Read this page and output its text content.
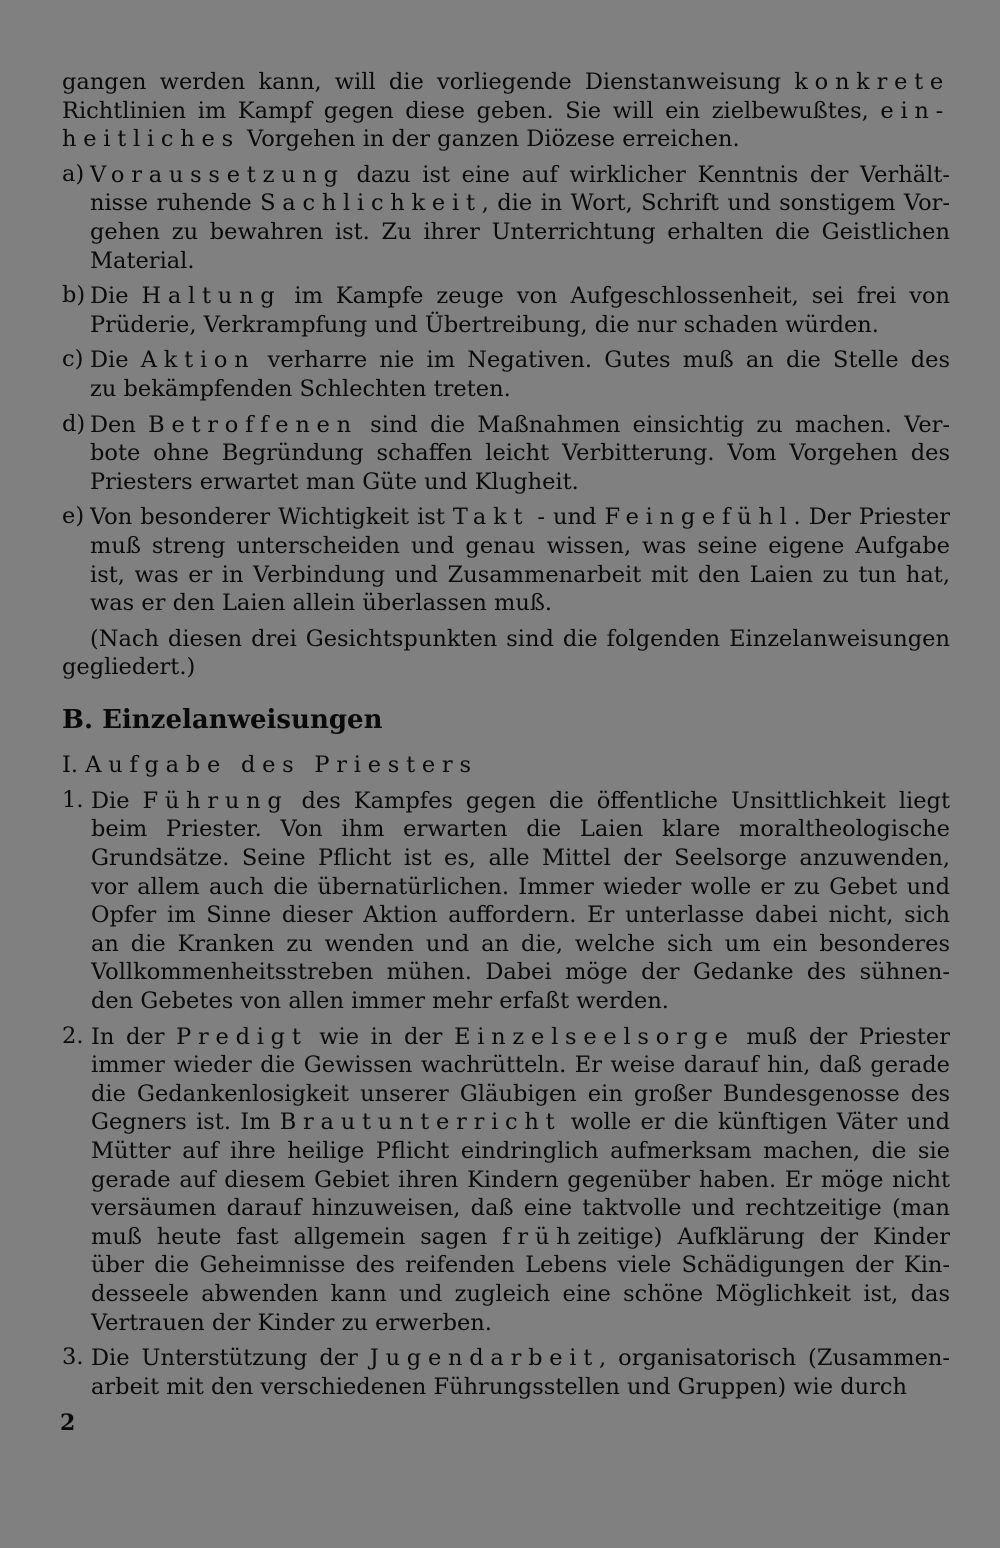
gangen werden kann, will die vorliegende Dienstanweisung konkrete
Richtlinien im Kampf gegen diese geben. Sie will ein zielbewußtes, ein-
heitliches Vorgehen in der ganzen Diözese erreichen.
a) Voraussetzung dazu ist eine auf wirklicher Kenntnis der Verhält-
nisse ruhende Sachlichkeit, die in Wort, Schrift und sonstigem Vor-
gehen zu bewahren ist. Zu ihrer Unterrichtung erhalten die Geistlichen
Material.
b) Die Haltung im Kampfe zeuge von Aufgeschlossenheit, sei frei von
Prüderie, Verkrampfung und Übertreibung, die nur schaden würden.
c) Die Aktion verharre nie im Negativen. Gutes muß an die Stelle des
zu bekämpfenden Schlechten treten.
d) Den Betroffenen sind die Maßnahmen einsichtig zu machen. Ver-
bote ohne Begründung schaffen leicht Verbitterung. Vom Vorgehen des
Priesters erwartet man Güte und Klugheit.
e) Von besonderer Wichtigkeit ist Takt - und Feingefühl. Der Priester
muß streng unterscheiden und genau wissen, was seine eigene Aufgabe
ist, was er in Verbindung und Zusammenarbeit mit den Laien zu tun hat,
was er den Laien allein überlassen muß.
(Nach diesen drei Gesichtspunkten sind die folgenden Einzelanweisungen
gegliedert.)
B. Einzelanweisungen
I. Aufgabe des Priesters
1. Die Führung des Kampfes gegen die öffentliche Unsittlichkeit liegt
beim Priester. Von ihm erwarten die Laien klare moraltheologische
Grundsätze. Seine Pflicht ist es, alle Mittel der Seelsorge anzuwenden,
vor allem auch die übernatürlichen. Immer wieder wolle er zu Gebet und
Opfer im Sinne dieser Aktion auffordern. Er unterlasse dabei nicht, sich
an die Kranken zu wenden und an die, welche sich um ein besonderes
Vollkommenheitsstreben mühen. Dabei möge der Gedanke des sühnen-
den Gebetes von allen immer mehr erfaßt werden.
2. In der Predigt wie in der Einzelseelsorge muß der Priester
immer wieder die Gewissen wachrütteln. Er weise darauf hin, daß gerade
die Gedankenlosigkeit unserer Gläubigen ein großer Bundesgenosse des
Gegners ist. Im Brautunterricht wolle er die künftigen Väter und
Mütter auf ihre heilige Pflicht eindringlich aufmerksam machen, die sie
gerade auf diesem Gebiet ihren Kindern gegenüber haben. Er möge nicht
versäumen darauf hinzuweisen, daß eine taktvolle und rechtzeitige (man
muß heute fast allgemein sagen frühzeitige) Aufklärung der Kinder
über die Geheimnisse des reifenden Lebens viele Schädigungen der Kin-
desseele abwenden kann und zugleich eine schöne Möglichkeit ist, das
Vertrauen der Kinder zu erwerben.
3. Die Unterstützung der Jugendarbeit, organisatorisch (Zusammen-
arbeit mit den verschiedenen Führungsstellen und Gruppen) wie durch
2
